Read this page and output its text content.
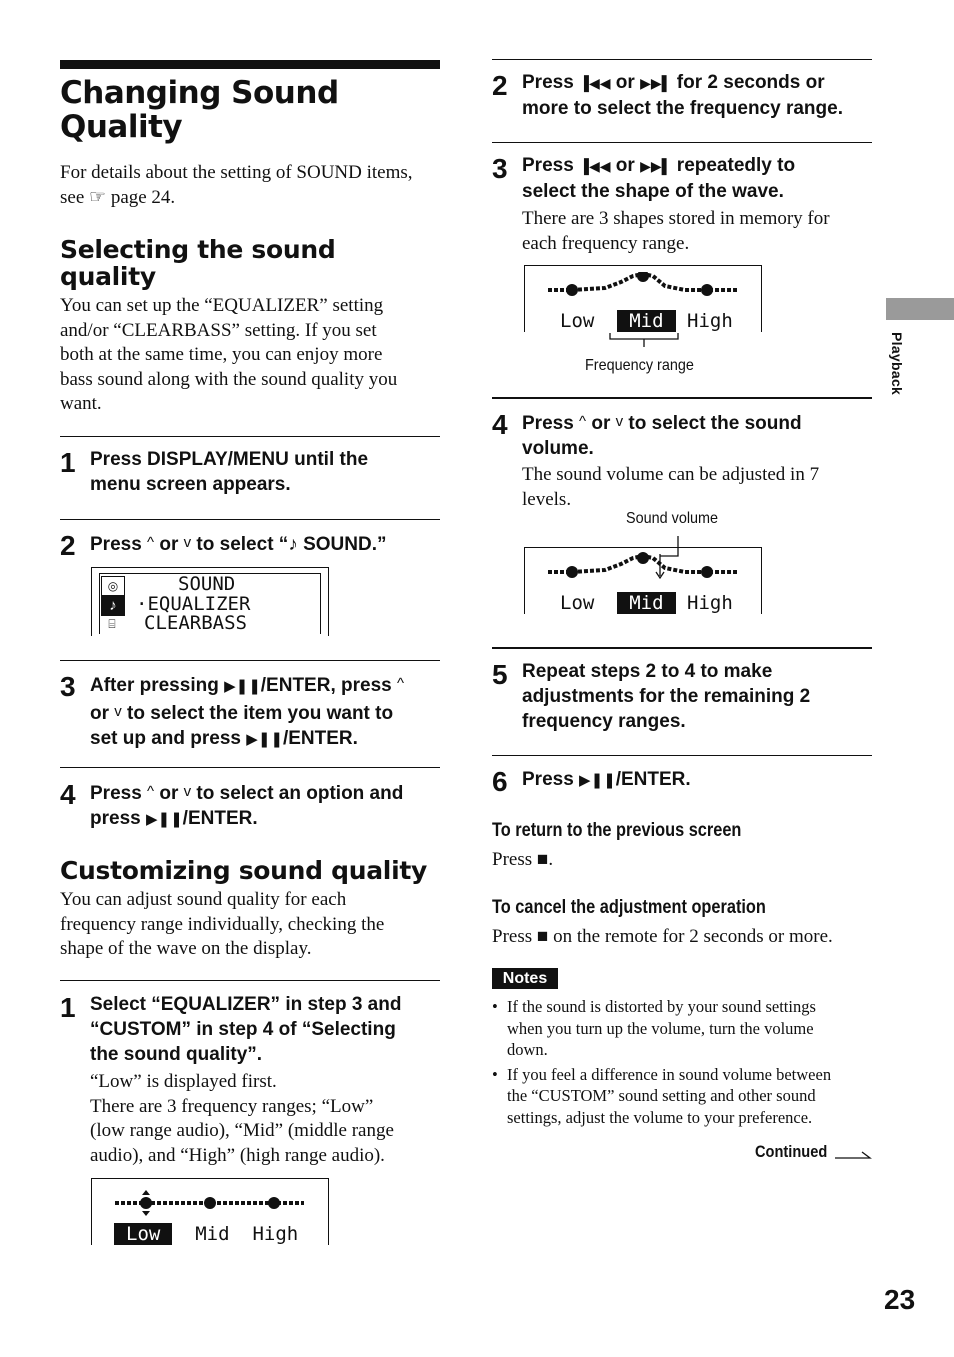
Changing Sound Quality
For details about the setting of SOUND items,
see ☞ page 24.
Selecting the sound
quality
You can set up the “EQUALIZER” setting
and/or “CLEARBASS” setting. If you set
both at the same time, you can enjoy more
bass sound along with the sound quality you
want.
1 Press DISPLAY/MENU until the
menu screen appears.
2 Press ^ or v to select “♪ SOUND.”
◎
♪
⌸
SOUND
·EQUALIZER
CLEARBASS
3 After pressing ▶❚❚/ENTER, press ^
or v to select the item you want to
set up and press ▶❚❚/ENTER.
4 Press ^ or v to select an option and
press ▶❚❚/ENTER.
Customizing sound quality
You can adjust sound quality for each
frequency range individually, checking the
shape of the wave on the display.
1 Select “EQUALIZER” in step 3 and
“CUSTOM” in step 4 of “Selecting
the sound quality”.
“Low” is displayed first.
There are 3 frequency ranges; “Low”
(low range audio), “Mid” (middle range
audio), and “High” (high range audio).
Low Mid High
2 Press ▐◀◀ or ▶▶▌ for 2 seconds or
more to select the frequency range.
3 Press ▐◀◀ or ▶▶▌ repeatedly to
select the shape of the wave.
There are 3 shapes stored in memory for
each frequency range.
Low Mid High
Frequency range
4 Press ^ or v to select the sound
volume.
The sound volume can be adjusted in 7
levels.
Sound volume
Low Mid High
5 Repeat steps 2 to 4 to make
adjustments for the remaining 2
frequency ranges.
6 Press ▶❚❚/ENTER.
To return to the previous screen
Press ■.
To cancel the adjustment operation
Press ■ on the remote for 2 seconds or more.
Notes
• If the sound is distorted by your sound settings
when you turn up the volume, turn the volume
down.
• If you feel a difference in sound volume between
the “CUSTOM” sound setting and other sound
settings, adjust the volume to your preference.
Continued
Playback
23
